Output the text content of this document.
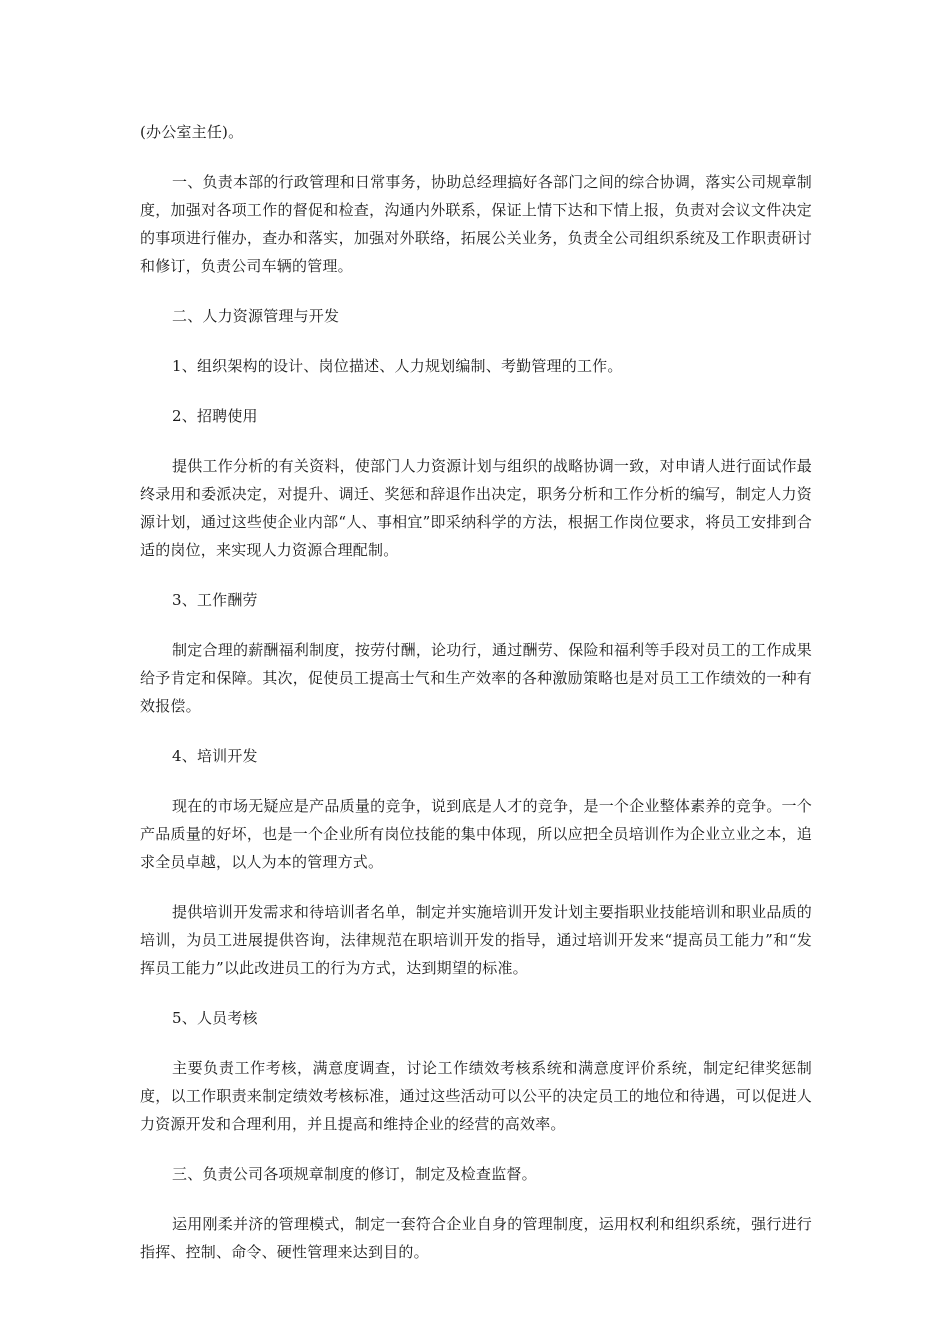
(办公室主任)。

一、负责本部的行政管理和日常事务，协助总经理搞好各部门之间的综合协调，落实公司规章制度，加强对各项工作的督促和检查，沟通内外联系，保证上情下达和下情上报，负责对会议文件决定的事项进行催办，查办和落实，加强对外联络，拓展公关业务，负责全公司组织系统及工作职责研讨和修订，负责公司车辆的管理。

二、人力资源管理与开发

1、组织架构的设计、岗位描述、人力规划编制、考勤管理的工作。

2、招聘使用

提供工作分析的有关资料，使部门人力资源计划与组织的战略协调一致，对申请人进行面试作最终录用和委派决定，对提升、调迁、奖惩和辞退作出决定，职务分析和工作分析的编写，制定人力资源计划，通过这些使企业内部“人、事相宜”即采纳科学的方法，根据工作岗位要求，将员工安排到合适的岗位，来实现人力资源合理配制。

3、工作酬劳

制定合理的薪酬福利制度，按劳付酬，论功行，通过酬劳、保险和福利等手段对员工的工作成果给予肯定和保障。其次，促使员工提高士气和生产效率的各种激励策略也是对员工工作绩效的一种有效报偿。

4、培训开发

现在的市场无疑应是产品质量的竞争，说到底是人才的竞争，是一个企业整体素养的竞争。一个产品质量的好坏，也是一个企业所有岗位技能的集中体现，所以应把全员培训作为企业立业之本，追求全员卓越，以人为本的管理方式。

提供培训开发需求和待培训者名单，制定并实施培训开发计划主要指职业技能培训和职业品质的培训，为员工进展提供咨询，法律规范在职培训开发的指导，通过培训开发来“提高员工能力”和“发挥员工能力”以此改进员工的行为方式，达到期望的标准。

5、人员考核

主要负责工作考核，满意度调查，讨论工作绩效考核系统和满意度评价系统，制定纪律奖惩制度，以工作职责来制定绩效考核标准，通过这些活动可以公平的决定员工的地位和待遇，可以促进人力资源开发和合理利用，并且提高和维持企业的经营的高效率。

三、负责公司各项规章制度的修订，制定及检查监督。

运用刚柔并济的管理模式，制定一套符合企业自身的管理制度，运用权利和组织系统，强行进行指挥、控制、命令、硬性管理来达到目的。
